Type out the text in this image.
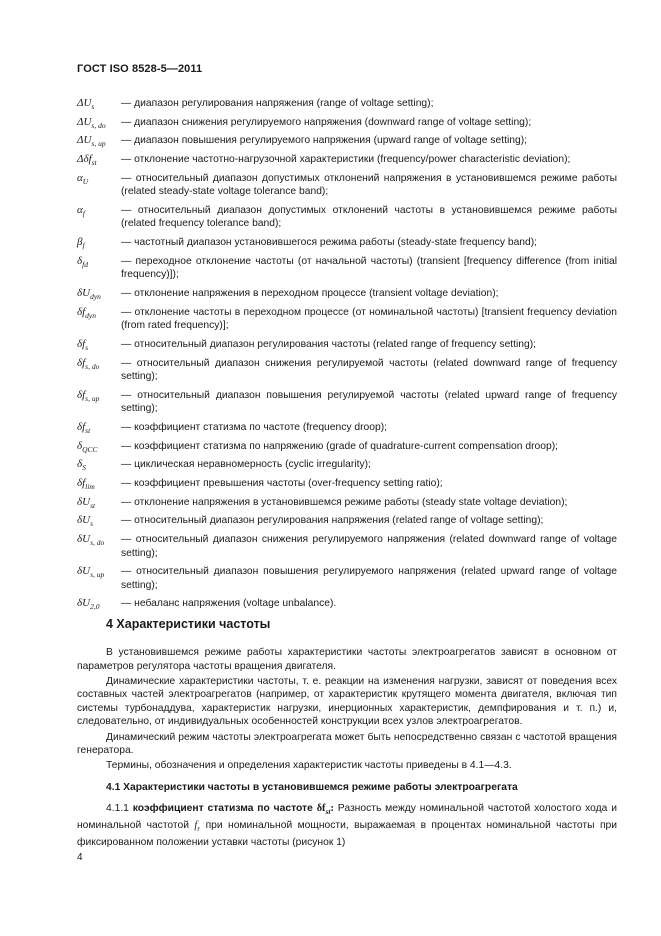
ГОСТ ISO 8528-5—2011
$\Delta U_s$	— диапазон регулирования напряжения (range of voltage setting);
$\Delta U_{s, do}$	— диапазон снижения регулируемого напряжения (downward range of voltage setting);
$\Delta U_{s, up}$	— диапазон повышения регулируемого напряжения (upward range of voltage setting);
Δδf$_{st}$	— отклонение частотно-нагрузочной характеристики (frequency/power characteristic deviation);
$\alpha_U$	— относительный диапазон допустимых отклонений напряжения в установившемся режиме работы (related steady-state voltage tolerance band);
$\alpha_f$	— относительный диапазон допустимых отклонений частоты в установившемся режиме работы (related frequency tolerance band);
$\beta_f$	— частотный диапазон установившегося режима работы (steady-state frequency band);
$\delta_{fd}$	— переходное отклонение частоты (от начальной частоты) (transient [frequency difference (from initial frequency)]);
$\delta U_{dyn}$	— отклонение напряжения в переходном процессе (transient voltage deviation);
$\delta f_{dyn}$	— отклонение частоты в переходном процессе (от номинальной частоты) [transient frequency deviation (from rated frequency)];
$\delta f_s$	— относительный диапазон регулирования частоты (related range of frequency setting);
$\delta f_{s, do}$	— относительный диапазон снижения регулируемой частоты (related downward range of frequency setting);
$\delta f_{s, up}$	— относительный диапазон повышения регулируемой частоты (related upward range of frequency setting);
$\delta f_{st}$	— коэффициент статизма по частоте (frequency droop);
$\delta_{QCC}$	— коэффициент статизма по напряжению (grade of quadrature-current compensation droop);
$\delta_S$	— циклическая неравномерность (cyclic irregularity);
$\delta f_{lim}$	— коэффициент превышения частоты (over-frequency setting ratio);
$\delta U_{st}$	— отклонение напряжения в установившемся режиме работы (steady state voltage deviation);
$\delta U_s$	— относительный диапазон регулирования напряжения (related range of voltage setting);
$\delta U_{s, do}$	— относительный диапазон снижения регулируемого напряжения (related downward range of voltage setting);
$\delta U_{s, up}$	— относительный диапазон повышения регулируемого напряжения (related upward range of voltage setting);
$\delta U_{2,0}$	— небаланс напряжения (voltage unbalance).
4 Характеристики частоты

В установившемся режиме работы характеристики частоты электроагрегатов зависят в основном от параметров регулятора частоты вращения двигателя.

Динамические характеристики частоты, т. е. реакции на изменения нагрузки, зависят от поведения всех составных частей электроагрегатов (например, от характеристик крутящего момента двигателя, включая тип системы турбонаддува, характеристик нагрузки, инерционных характеристик, демпфирования и т. п.) и, следовательно, от индивидуальных особенностей конструкции всех узлов электроагрегатов.

Динамический режим частоты электроагрегата может быть непосредственно связан с частотой вращения генератора.

Термины, обозначения и определения характеристик частоты приведены в 4.1—4.3.

4.1 Характеристики частоты в установившемся режиме работы электроагрегата

4.1.1 коэффициент статизма по частоте $\delta f_{st}$: Разность между номинальной частотой холостого хода и номинальной частотой $f_r$ при номинальной мощности, выражаемая в процентах номинальной частоты при фиксированном положении уставки частоты (рисунок 1)

4
